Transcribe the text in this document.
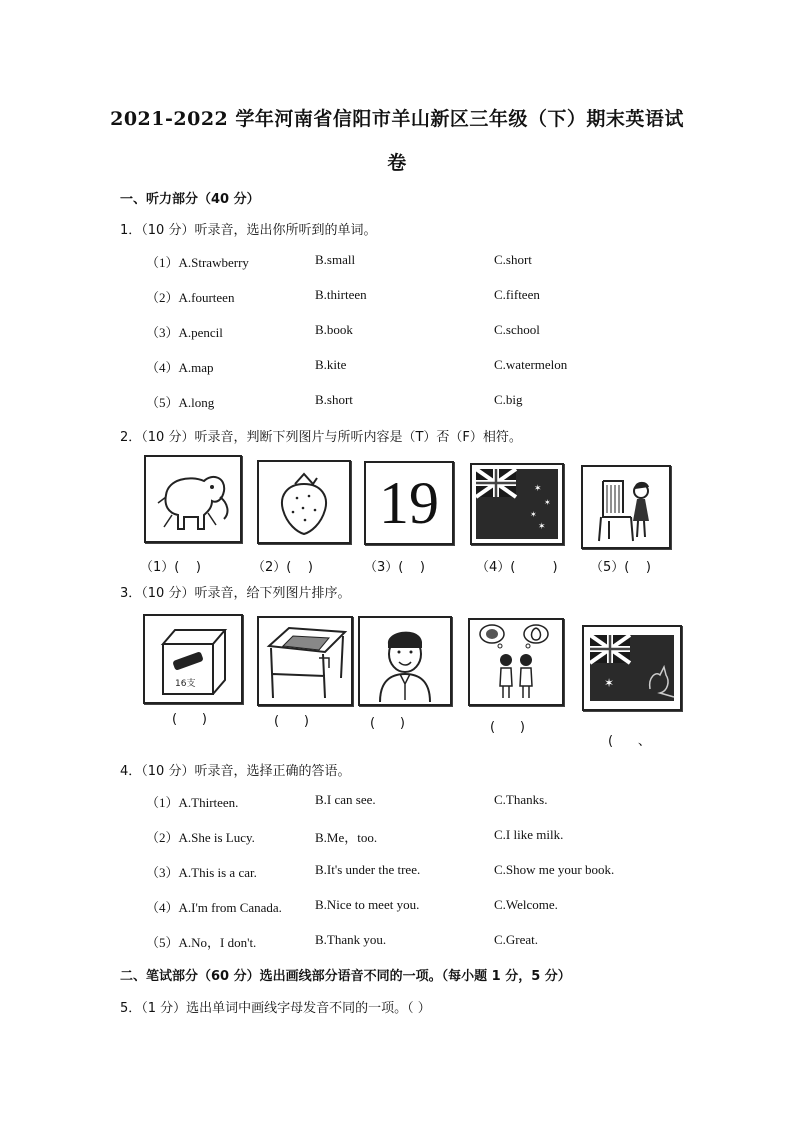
2021-2022 学年河南省信阳市羊山新区三年级（下）期末英语试
卷
一、听力部分（40 分）
1．（10 分）听录音，选出你所听到的单词。
（1）A.Strawberry	B.small	C.short
（2）A.fourteen	B.thirteen	C.fifteen
（3）A.pencil	B.book	C.school
（4）A.map	B.kite	C.watermelon
（5）A.long	B.short	C.big
2．（10 分）听录音，判断下列图片与所听内容是（T）否（F）相符。
19	✶
✶
✶
✶
（1）(    )	（2）(    )	（3）(    )	（4）(         ) （5）(    )
3．（10 分）听录音，给下列图片排序。
16支	✶
(      )	(      )	(      )	(      )
(      、
4．（10 分）听录音，选择正确的答语。
（1）A.Thirteen.	B.I can see.	C.Thanks.
（2）A.She is Lucy.	B.Me，too.	C.I like milk.
（3）A.This is a car.	B.It's under the tree.	C.Show me your book.
（4）A.I'm from Canada.	B.Nice to meet you.	C.Welcome.
（5）A.No，I don't.	B.Thank you.	C.Great.
二、笔试部分（60 分）选出画线部分语音不同的一项。（每小题 1 分，5 分）
5．（1 分）选出单词中画线字母发音不同的一项。（ ）
